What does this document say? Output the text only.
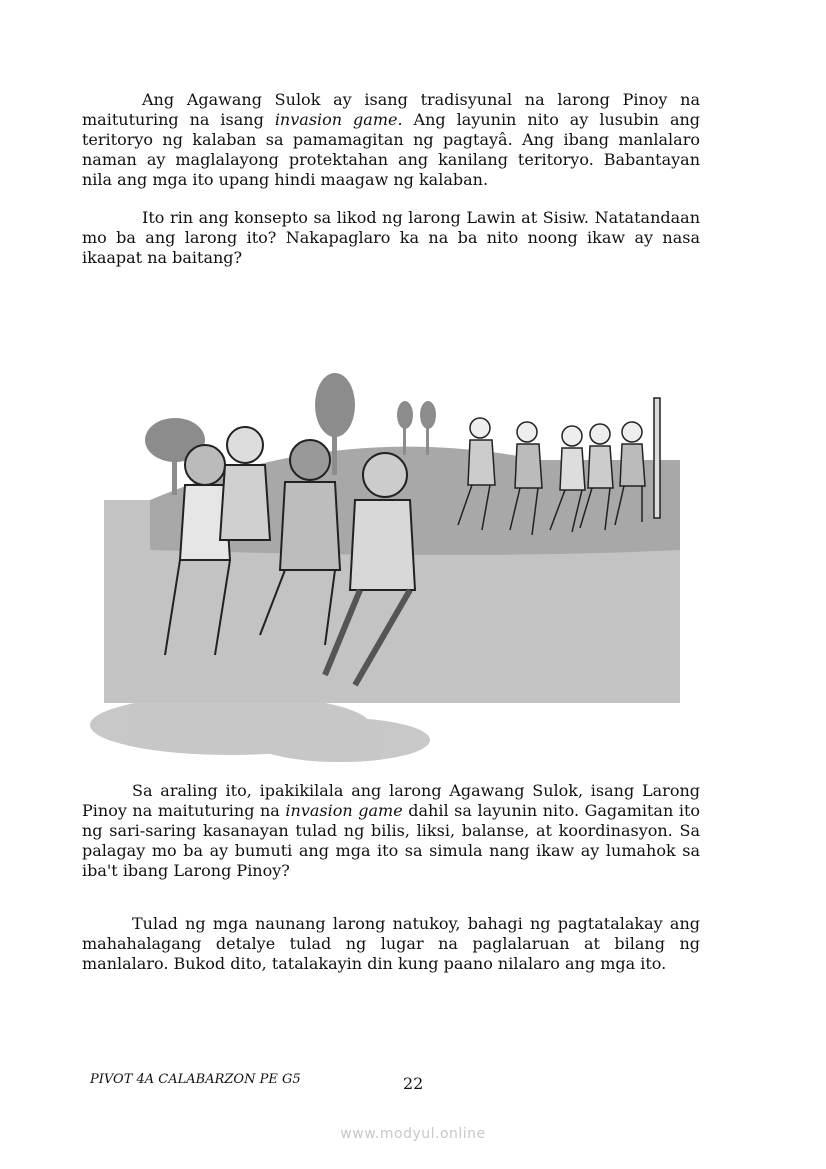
Ang Agawang Sulok ay isang tradisyunal na larong Pinoy na maituturing na isang invasion game. Ang layunin nito ay lusubin ang teritoryo ng kalaban sa pamamagitan ng pagtayâ. Ang ibang manlalaro naman ay maglalayong protektahan ang kanilang teritoryo. Babantayan nila ang mga ito upang hindi maagaw ng kalaban.

Ito rin ang konsepto sa likod ng larong Lawin at Sisiw. Natatandaan mo ba ang larong ito? Nakapaglaro ka na ba nito noong ikaw ay nasa ikaapat na baitang?

Sa araling ito, ipakikilala ang larong Agawang Sulok, isang Larong Pinoy na maituturing na invasion game dahil sa layunin nito. Gagamitan ito ng sari-saring kasanayan tulad ng bilis, liksi, balanse, at koordinasyon. Sa palagay mo ba ay bumuti ang mga ito sa simula nang ikaw ay lumahok sa iba't ibang Larong Pinoy?

Tulad ng mga naunang larong natukoy, bahagi ng pagtatalakay ang mahahalagang detalye tulad ng lugar na paglalaruan at bilang ng manlalaro. Bukod dito, tatalakayin din kung paano nilalaro ang mga ito.

PIVOT 4A CALABARZON PE G5	22
www.modyul.online
